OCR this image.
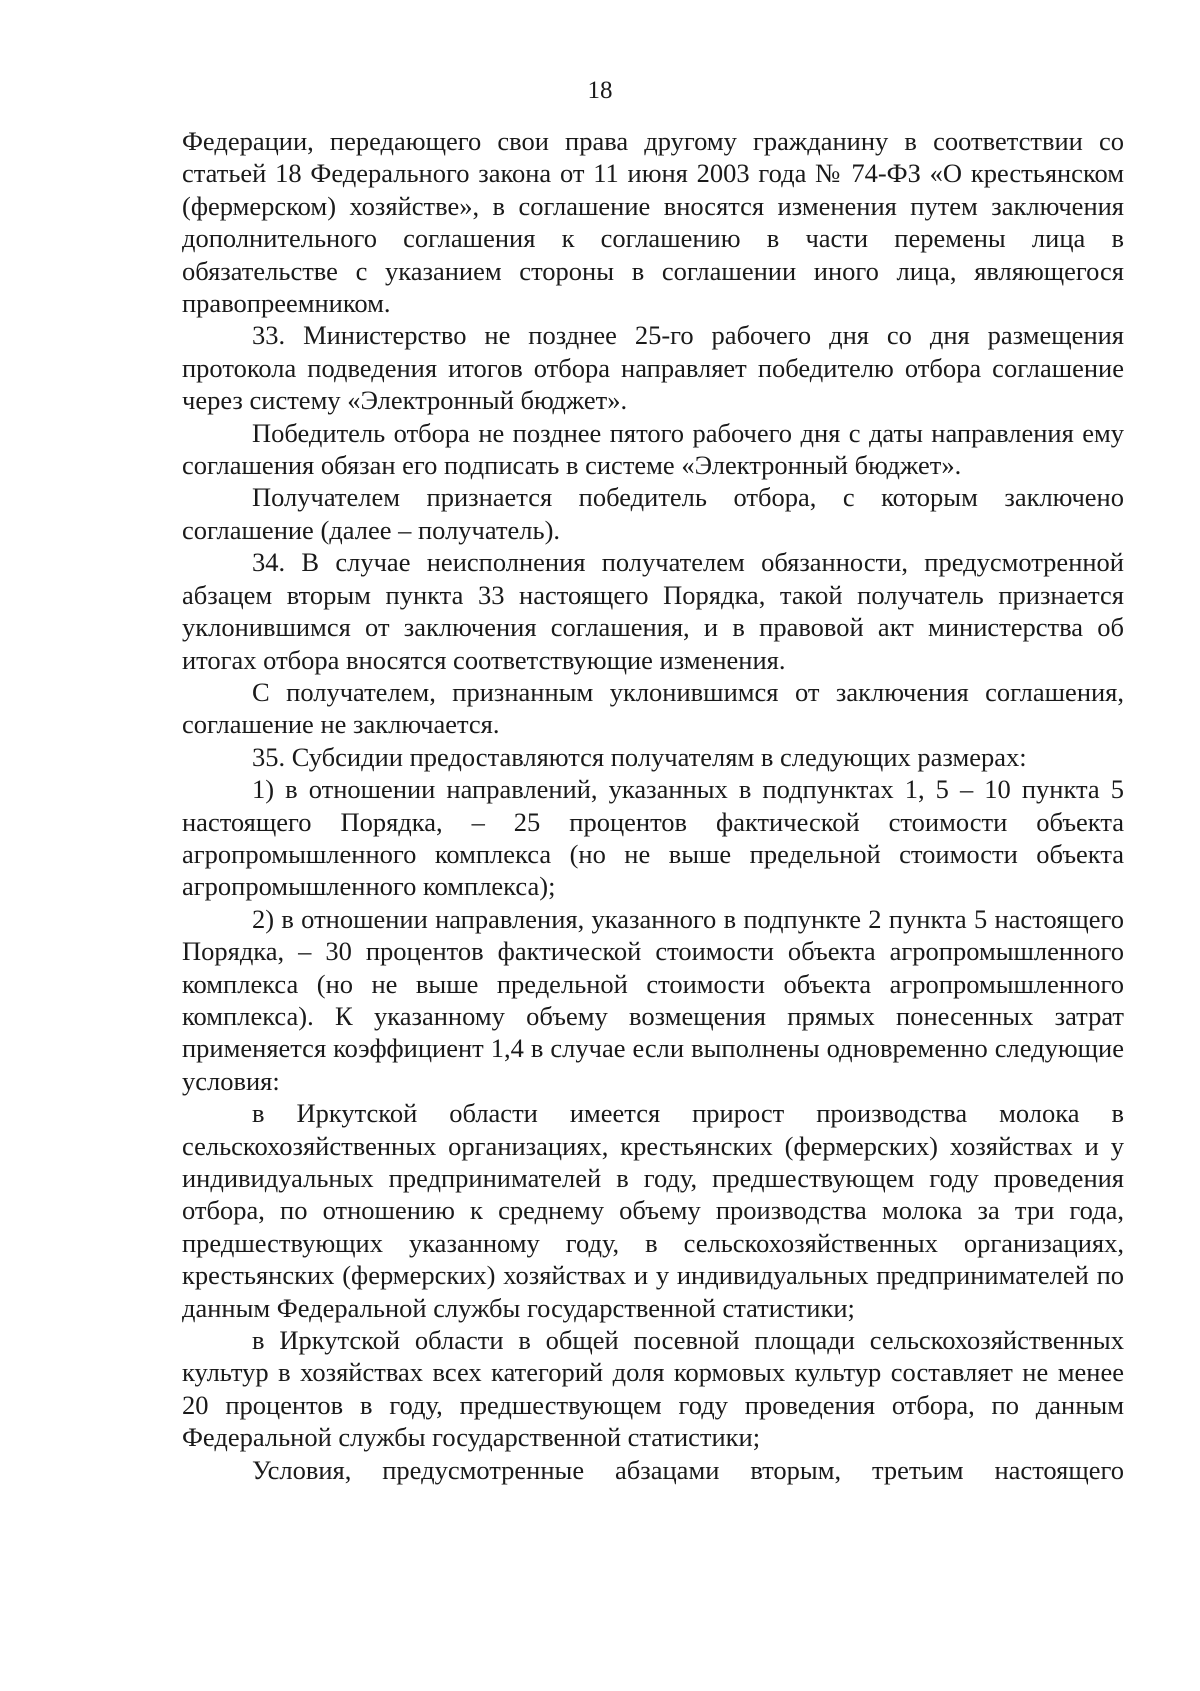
18

Федерации, передающего свои права другому гражданину в соответствии со статьей 18 Федерального закона от 11 июня 2003 года № 74-ФЗ «О крестьянском (фермерском) хозяйстве», в соглашение вносятся изменения путем заключения дополнительного соглашения к соглашению в части перемены лица в обязательстве с указанием стороны в соглашении иного лица, являющегося правопреемником.

33. Министерство не позднее 25-го рабочего дня со дня размещения протокола подведения итогов отбора направляет победителю отбора соглашение через систему «Электронный бюджет».

Победитель отбора не позднее пятого рабочего дня с даты направления ему соглашения обязан его подписать в системе «Электронный бюджет».

Получателем признается победитель отбора, с которым заключено соглашение (далее – получатель).

34. В случае неисполнения получателем обязанности, предусмотренной абзацем вторым пункта 33 настоящего Порядка, такой получатель признается уклонившимся от заключения соглашения, и в правовой акт министерства об итогах отбора вносятся соответствующие изменения.

С получателем, признанным уклонившимся от заключения соглашения, соглашение не заключается.

35. Субсидии предоставляются получателям в следующих размерах:

1) в отношении направлений, указанных в подпунктах 1, 5 – 10 пункта 5 настоящего Порядка, – 25 процентов фактической стоимости объекта агропромышленного комплекса (но не выше предельной стоимости объекта агропромышленного комплекса);

2) в отношении направления, указанного в подпункте 2 пункта 5 настоящего Порядка, – 30 процентов фактической стоимости объекта агропромышленного комплекса (но не выше предельной стоимости объекта агропромышленного комплекса). К указанному объему возмещения прямых понесенных затрат применяется коэффициент 1,4 в случае если выполнены одновременно следующие условия:

в Иркутской области имеется прирост производства молока в сельскохозяйственных организациях, крестьянских (фермерских) хозяйствах и у индивидуальных предпринимателей в году, предшествующем году проведения отбора, по отношению к среднему объему производства молока за три года, предшествующих указанному году, в сельскохозяйственных организациях, крестьянских (фермерских) хозяйствах и у индивидуальных предпринимателей по данным Федеральной службы государственной статистики;

в Иркутской области в общей посевной площади сельскохозяйственных культур в хозяйствах всех категорий доля кормовых культур составляет не менее 20 процентов в году, предшествующем году проведения отбора, по данным Федеральной службы государственной статистики;

Условия, предусмотренные абзацами вторым, третьим настоящего
